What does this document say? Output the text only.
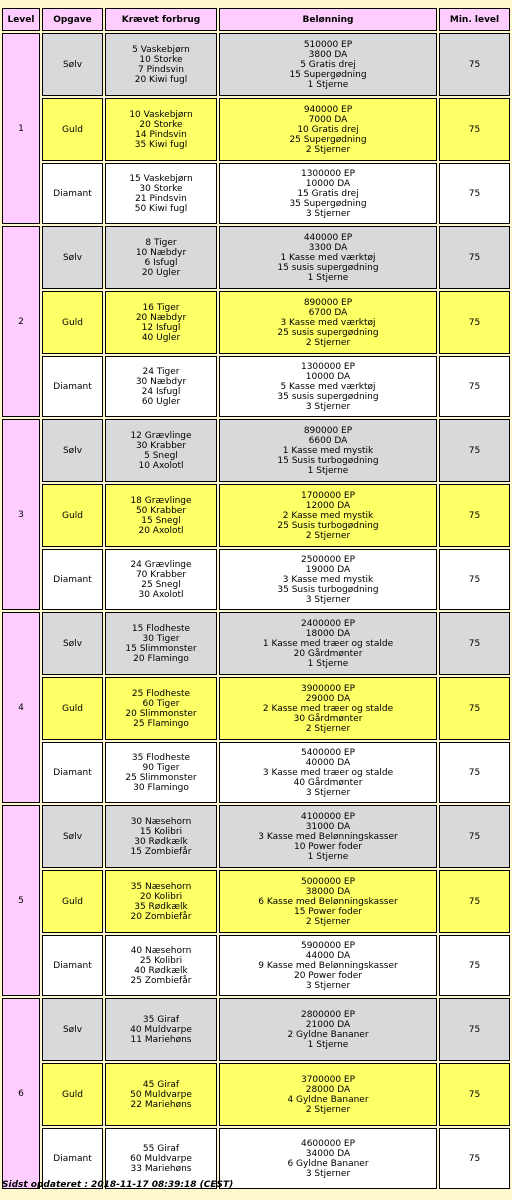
Level	Opgave	Krævet forbrug	Belønning	Min. level
1	Sølv	5 Vaskebjørn
10 Storke
7 Pindsvin
20 Kiwi fugl	510000 EP
3800 DA
5 Gratis drej
15 Supergødning
1 Stjerne	75
	Guld	10 Vaskebjørn
20 Storke
14 Pindsvin
35 Kiwi fugl	940000 EP
7000 DA
10 Gratis drej
25 Supergødning
2 Stjerner	75
	Diamant	15 Vaskebjørn
30 Storke
21 Pindsvin
50 Kiwi fugl	1300000 EP
10000 DA
15 Gratis drej
35 Supergødning
3 Stjerner	75
2	Sølv	8 Tiger
10 Næbdyr
6 Isfugl
20 Ugler	440000 EP
3300 DA
1 Kasse med værktøj
15 susis supergødning
1 Stjerne	75
	Guld	16 Tiger
20 Næbdyr
12 Isfugl
40 Ugler	890000 EP
6700 DA
3 Kasse med værktøj
25 susis supergødning
2 Stjerner	75
	Diamant	24 Tiger
30 Næbdyr
24 Isfugl
60 Ugler	1300000 EP
10000 DA
5 Kasse med værktøj
35 susis supergødning
3 Stjerner	75
3	Sølv	12 Grævlinge
30 Krabber
5 Snegl
10 Axolotl	890000 EP
6600 DA
1 Kasse med mystik
15 Susis turbogødning
1 Stjerne	75
	Guld	18 Grævlinge
50 Krabber
15 Snegl
20 Axolotl	1700000 EP
12000 DA
2 Kasse med mystik
25 Susis turbogødning
2 Stjerner	75
	Diamant	24 Grævlinge
70 Krabber
25 Snegl
30 Axolotl	2500000 EP
19000 DA
3 Kasse med mystik
35 Susis turbogødning
3 Stjerner	75
4	Sølv	15 Flodheste
30 Tiger
15 Slimmonster
20 Flamingo	2400000 EP
18000 DA
1 Kasse med træer og stalde
20 Gårdmønter
1 Stjerne	75
	Guld	25 Flodheste
60 Tiger
20 Slimmonster
25 Flamingo	3900000 EP
29000 DA
2 Kasse med træer og stalde
30 Gårdmønter
2 Stjerner	75
	Diamant	35 Flodheste
90 Tiger
25 Slimmonster
30 Flamingo	5400000 EP
40000 DA
3 Kasse med træer og stalde
40 Gårdmønter
3 Stjerner	75
5	Sølv	30 Næsehorn
15 Kolibri
30 Rødkælk
15 Zombiefår	4100000 EP
31000 DA
3 Kasse med Belønningskasser
10 Power foder
1 Stjerne	75
	Guld	35 Næsehorn
20 Kolibri
35 Rødkælk
20 Zombiefår	5000000 EP
38000 DA
6 Kasse med Belønningskasser
15 Power foder
2 Stjerner	75
	Diamant	40 Næsehorn
25 Kolibri
40 Rødkælk
25 Zombiefår	5900000 EP
44000 DA
9 Kasse med Belønningskasser
20 Power foder
3 Stjerner	75
6	Sølv	35 Giraf
40 Muldvarpe
11 Mariehøns	2800000 EP
21000 DA
2 Gyldne Bananer
1 Stjerne	75
	Guld	45 Giraf
50 Muldvarpe
22 Mariehøns	3700000 EP
28000 DA
4 Gyldne Bananer
2 Stjerner	75
	Diamant	55 Giraf
60 Muldvarpe
33 Mariehøns	4600000 EP
34000 DA
6 Gyldne Bananer
3 Stjerner	75
Sidst opdateret : 2018-11-17 08:39:18 (CEST)
